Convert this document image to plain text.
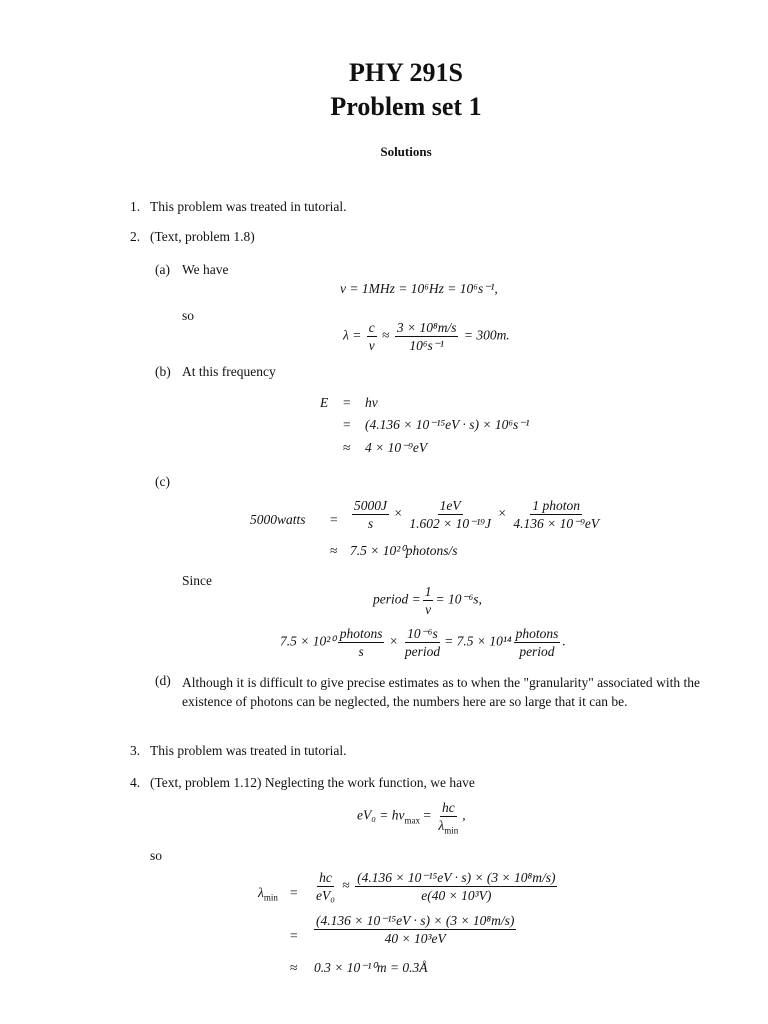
PHY 291S
Problem set 1
Solutions
1. This problem was treated in tutorial.
2. (Text, problem 1.8)
(a) We have
ν = 1MHz = 10⁶Hz = 10⁶s⁻¹,
so
$\lambda = \frac{c}{\nu} \approx \frac{\text{3 × 10⁸m/s}}{\text{10⁶s⁻¹}} = 300m$.
(b) At this frequency
E = hν
= (4.136 × 10⁻¹⁵eV · s) × 10⁶s⁻¹
≈ 4 × 10⁻⁹eV
(c)
5000watts = $\frac{5000J}{s} \times \frac{1eV}{\text{1.602 × 10⁻¹⁹J}} \times \frac{\text{1 photon}}{\text{4.136 × 10⁻⁹eV}}$
≈ 7.5 × 10²⁰photons/s
Since
period = $\frac{1}{\nu} = 10^{-6}s$,
$7.5 \times 10^{20} \frac{\text{photons}}{s} \times \frac{\text{10⁻⁶s}}{\text{period}} = 7.5 \times 10^{14} \frac{\text{photons}}{\text{period}}$ .
(d) Although it is difficult to give precise estimates as to when the "granularity" associated with the existence of photons can be neglected, the numbers here are so large that it can be.
3. This problem was treated in tutorial.
4. (Text, problem 1.12) Neglecting the work function, we have
$eV_0 = h\nu_{max} = \frac{hc}{\lambda_{min}}$ ,
so
$\lambda_{min} = \frac{hc}{\text{eV₀}} \approx \frac{\text{(4.136 × 10⁻¹⁵eV · s) × (3 × 10⁸m/s)}}{\text{e(40 × 10³V)}}$
= $\frac{\text{(4.136 × 10⁻¹⁵eV · s) × (3 × 10⁸m/s)}}{\text{40 × 10³eV}}$
≈ 0.3 × 10⁻¹⁰m = 0.3Å
